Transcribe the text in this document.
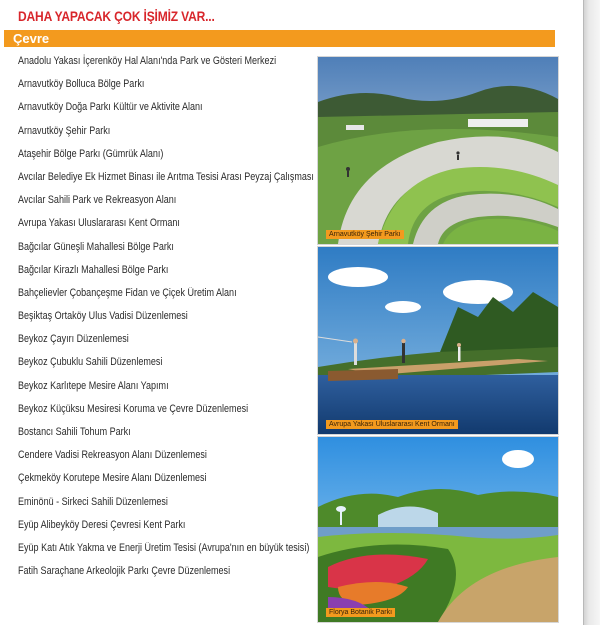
DAHA YAPACAK ÇOK İŞİMİZ VAR...
Çevre
Anadolu Yakası İçerenköy Hal Alanı'nda Park ve Gösteri Merkezi
Arnavutköy Bolluca Bölge Parkı
Arnavutköy Doğa Parkı Kültür ve Aktivite Alanı
Arnavutköy Şehir Parkı
Ataşehir Bölge Parkı (Gümrük Alanı)
Avcılar Belediye Ek Hizmet Binası ile Arıtma Tesisi Arası Peyzaj Çalışması
Avcılar Sahili Park ve Rekreasyon Alanı
Avrupa Yakası Uluslararası Kent Ormanı
Bağcılar Güneşli Mahallesi Bölge Parkı
Bağcılar Kirazlı Mahallesi Bölge Parkı
Bahçelievler Çobançeşme Fidan ve Çiçek Üretim Alanı
Beşiktaş Ortaköy Ulus Vadisi Düzenlemesi
Beykoz Çayırı Düzenlemesi
Beykoz Çubuklu Sahili Düzenlemesi
Beykoz Karlıtepe Mesire Alanı Yapımı
Beykoz Küçüksu Mesiresi Koruma ve Çevre Düzenlemesi
Bostancı Sahili Tohum Parkı
Cendere Vadisi Rekreasyon Alanı Düzenlemesi
Çekmeköy Korutepe Mesire Alanı Düzenlemesi
Eminönü - Sirkeci Sahili Düzenlemesi
Eyüp Alibeyköy Deresi Çevresi Kent Parkı
Eyüp Katı Atık Yakma ve Enerji Üretim Tesisi (Avrupa'nın en büyük tesisi)
Fatih Saraçhane Arkeolojik Parkı Çevre Düzenlemesi
Arnavutköy Şehir Parkı
Avrupa Yakası Uluslararası Kent Ormanı
Florya Botanik Parkı
